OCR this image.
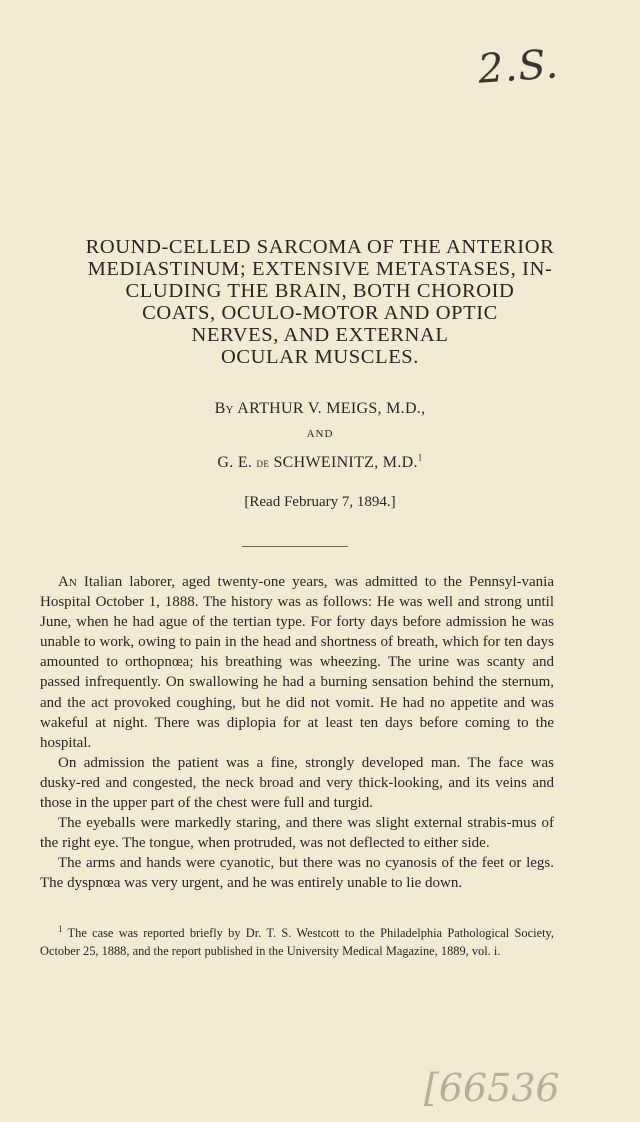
2.S.
ROUND-CELLED SARCOMA OF THE ANTERIOR
MEDIASTINUM; EXTENSIVE METASTASES, IN-
CLUDING THE BRAIN, BOTH CHOROID
COATS, OCULO-MOTOR AND OPTIC
NERVES, AND EXTERNAL
OCULAR MUSCLES.
By ARTHUR V. MEIGS, M.D.,
AND
G. E. de SCHWEINITZ, M.D.$^1$
[Read February 7, 1894.]

An Italian laborer, aged twenty-one years, was admitted to the Pennsyl-vania Hospital October 1, 1888. The history was as follows: He was well and strong until June, when he had ague of the tertian type. For forty days before admission he was unable to work, owing to pain in the head and shortness of breath, which for ten days amounted to orthopnœa; his breathing was wheezing. The urine was scanty and passed infrequently. On swallowing he had a burning sensation behind the sternum, and the act provoked coughing, but he did not vomit. He had no appetite and was wakeful at night. There was diplopia for at least ten days before coming to the hospital.

On admission the patient was a fine, strongly developed man. The face was dusky-red and congested, the neck broad and very thick-looking, and its veins and those in the upper part of the chest were full and turgid.

The eyeballs were markedly staring, and there was slight external strabis-mus of the right eye. The tongue, when protruded, was not deflected to either side.

The arms and hands were cyanotic, but there was no cyanosis of the feet or legs. The dyspnœa was very urgent, and he was entirely unable to lie down.

$^1$ The case was reported briefly by Dr. T. S. Westcott to the Philadelphia Pathological Society, October 25, 1888, and the report published in the University Medical Magazine, 1889, vol. i.

[66536
